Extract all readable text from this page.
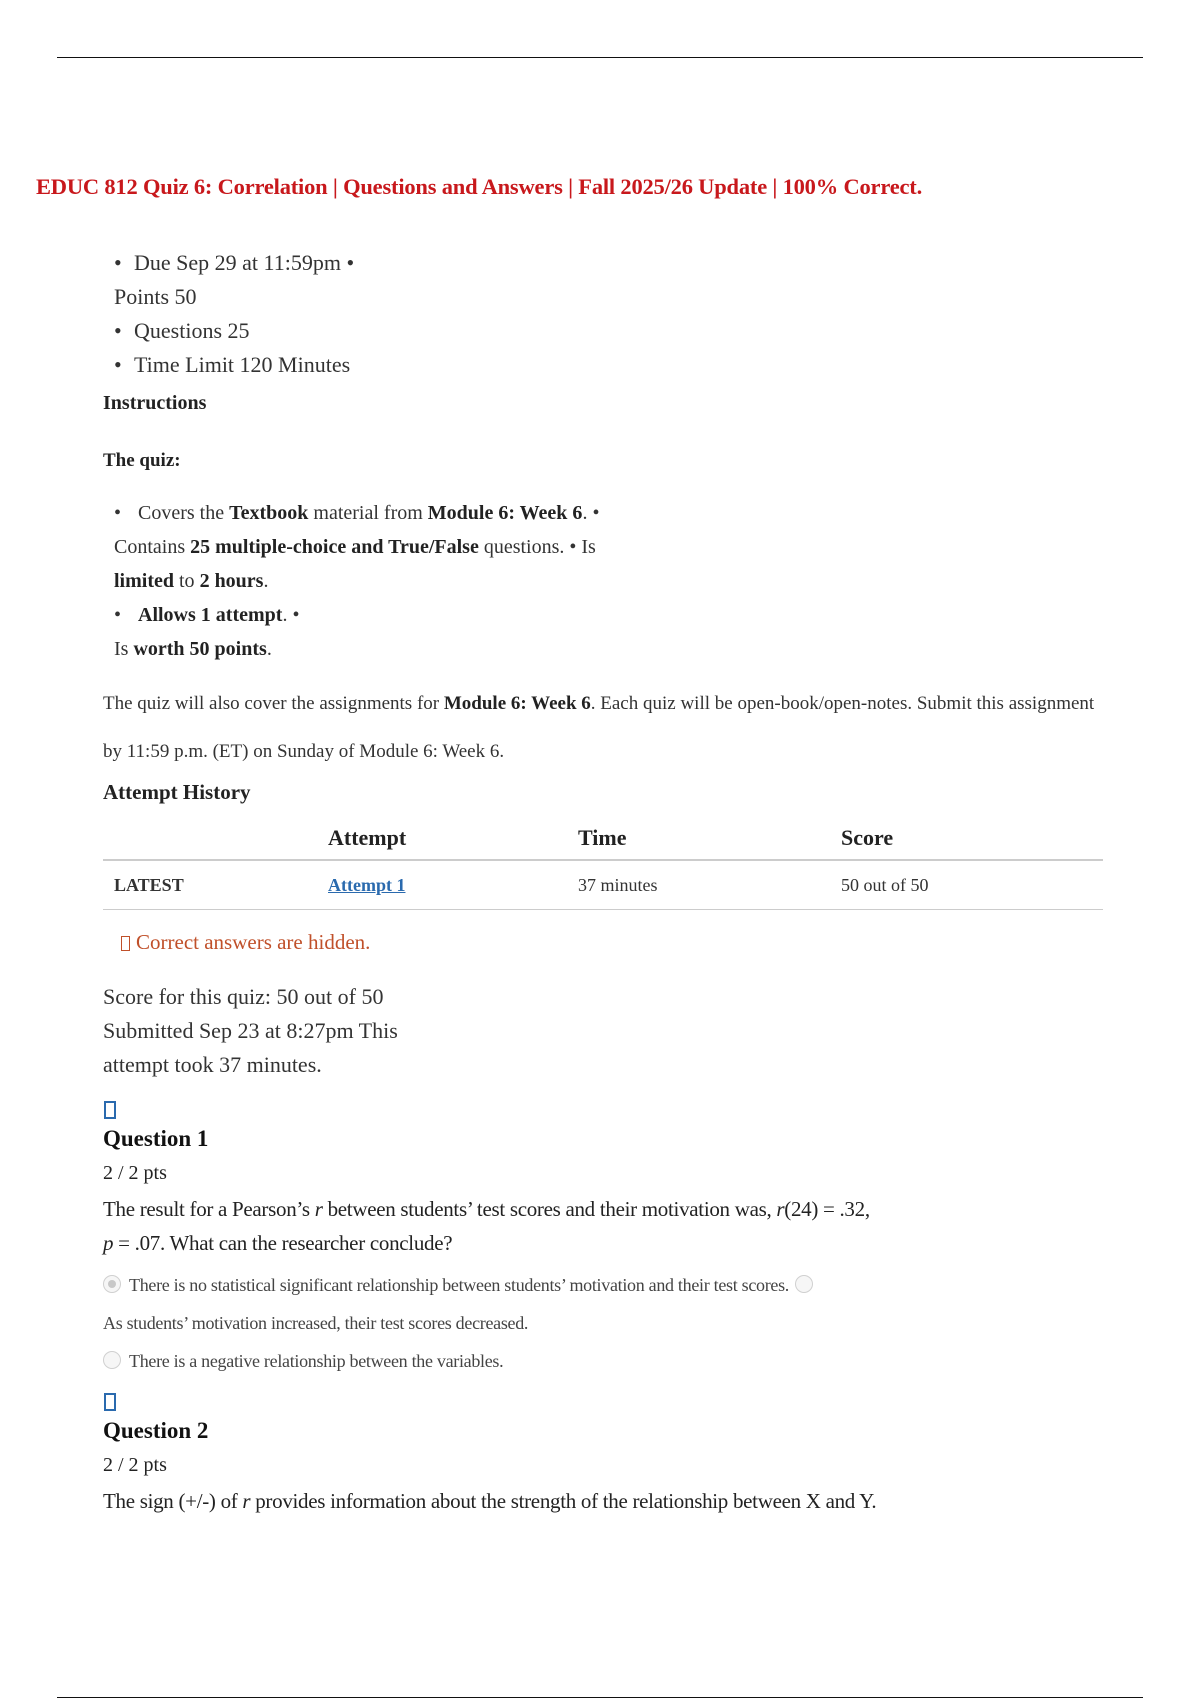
EDUC 812 Quiz 6: Correlation | Questions and Answers | Fall 2025/26 Update | 100% Correct.
• Due Sep 29 at 11:59pm •
Points 50
• Questions 25
• Time Limit 120 Minutes
Instructions
The quiz:
• Covers the Textbook material from Module 6: Week 6. •
Contains 25 multiple-choice and True/False questions. • Is
limited to 2 hours.
• Allows 1 attempt. •
Is worth 50 points.

The quiz will also cover the assignments for Module 6: Week 6. Each quiz will be open-book/open-notes. Submit this assignment by 11:59 p.m. (ET) on Sunday of Module 6: Week 6.

Attempt History
	Attempt	Time	Score
LATEST	Attempt 1	37 minutes	50 out of 50
Correct answers are hidden.
Score for this quiz: 50 out of 50
Submitted Sep 23 at 8:27pm This
attempt took 37 minutes.
Question 1
2 / 2 pts
The result for a Pearson’s r between students’ test scores and their motivation was, r(24) = .32,
p = .07. What can the researcher conclude?
There is no statistical significant relationship between students’ motivation and their test scores.
As students’ motivation increased, their test scores decreased.
There is a negative relationship between the variables.
Question 2
2 / 2 pts
The sign (+/-) of r provides information about the strength of the relationship between X and Y.
